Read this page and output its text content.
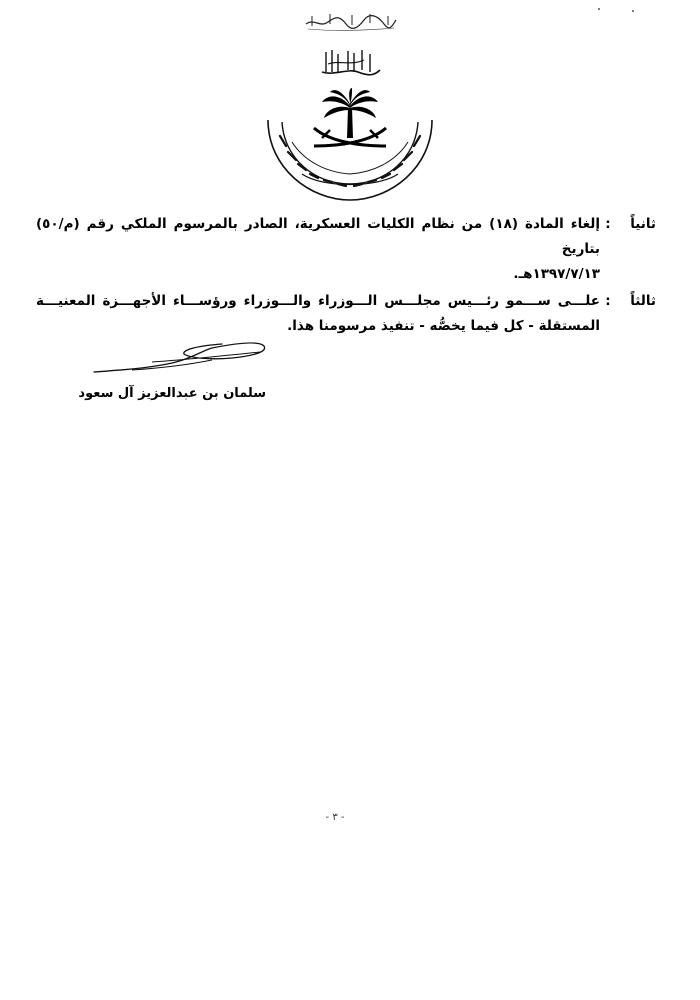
ثانياً
:
إلغاء المادة (١٨) من نظام الكليات العسكرية، الصادر بالمرسوم الملكي رقم (م/٥٠) بتاريخ
١٣٩٧/٧/١٣هـ.
ثالثاً
:
علـــى ســـمو رئـــيس مجلـــس الـــوزراء والـــوزراء ورؤســـاء الأجهـــزة المعنيـــة
المستقلة - كل فيما يخصُّه - تنفيذ مرسومنا هذا.
سلمان بن عبدالعزيز آل سعود
- ٣ -
